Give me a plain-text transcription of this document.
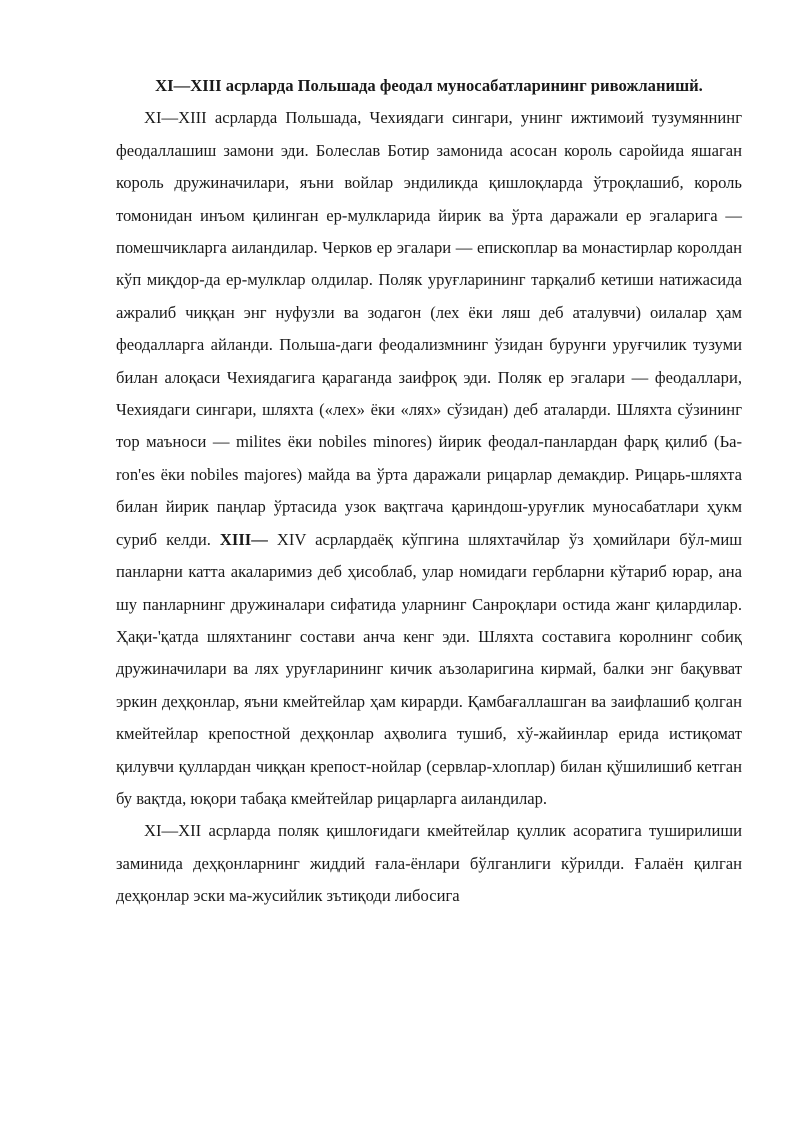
XI—XIII асрларда Польшада феодал муносабатларининг ривожланишй.

XI—XIII асрларда Польшада, Чехиядаги сингари, унинг ижтимоий тузумяннинг феодаллашиш замони эди. Болеслав Ботир замонида асосан король саройида яшаган король дружиначилари, яъни войлар эндиликда қишлоқларда ўтроқлашиб, король томонидан инъом қилинган ер-мулкларида йирик ва ўрта даражали ер эгаларига — помешчикларга аиландилар. Черков ер эгалари — епископлар ва монастирлар королдан кўп миқдор-да ер-мулклар олдилар. Поляк уруғларининг тарқалиб кетиши натижасида ажралиб чиққан энг нуфузли ва зодагон (лех ёки ляш деб аталувчи) оилалар ҳам феодалларга айланди. Польша-даги феодализмнинг ўзидан бурунги уруғчилик тузуми билан алоқаси Чехиядагига қараганда заифроқ эди. Поляк ер эгалари — феодаллари, Чехиядаги сингари, шляхта («лех» ёки «лях» сўзидан) деб аталарди. Шляхта сўзининг тор маъноси — milites ёки nobiles minores) йирик феодал-панлардан фарқ қилиб (Ьа-ron'es ёки nobiles majores) майда ва ўрта даражали рицарлар демакдир. Рицарь-шляхта билан йирик паңлар ўртасида узок вақтгача қариндош-уруғлик муносабатлари ҳукм суриб келди. XIII— XIV асрлардаёқ кўпгина шляхтачйлар ўз ҳомийлари бўл-миш панларни катта акаларимиз деб ҳисоблаб, улар номидаги гербларни кўтариб юрар, ана шу панларнинг дружиналари сифатида уларнинг Санроқлари остида жанг қилардилар. Ҳақи-'қатда шляхтанинг состави анча кенг эди. Шляхта составига королнинг собиқ дружиначилари ва лях уруғларининг кичик аъзоларигина кирмай, балки энг бақувват эркин деҳқонлар, яъни кмейтейлар ҳам кирарди. Қамбағаллашган ва заифлашиб қолган кмейтейлар крепостной деҳқонлар аҳволига тушиб, хў-жайинлар ерида истиқомат қилувчи қуллардан чиққан крепост-нойлар (сервлар-хлоплар) билан қўшилишиб кетган бу вақтда, юқори табақа кмейтейлар рицарларга аиландилар.

XI—XII асрларда поляк қишлоғидаги кмейтейлар қуллик асоратига туширилиши заминида деҳқонларнинг жиддий ғала-ёнлари бўлганлиги кўрилди. Ғалаён қилган деҳқонлар эски ма-жусийлик зътиқоди либосига
